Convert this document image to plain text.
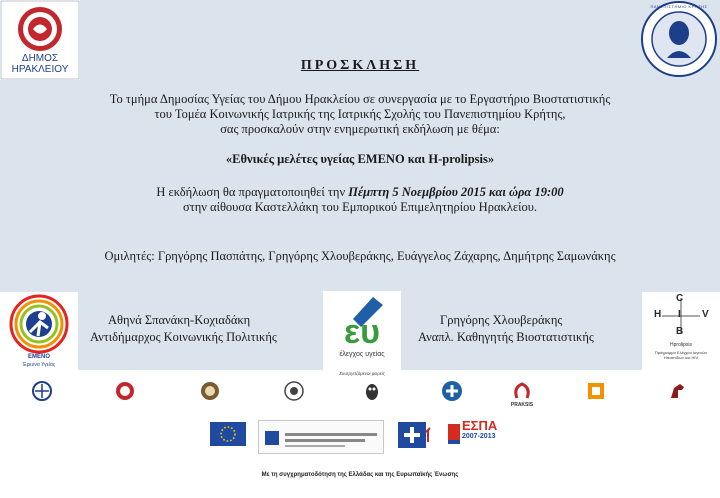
ΔΗΜΟΣ
ΗΡΑΚΛΕΙΟΥ
ΠΑΝΕΠΙΣΤΗΜΙΟ ΚΡΗΤΗΣ
ΠΡΟΣΚΛΗΣΗ
Το τμήμα Δημοσίας Υγείας του Δήμου Ηρακλείου σε συνεργασία με το Εργαστήριο Βιοστατιστικής
του Τομέα Κοινωνικής Ιατρικής της Ιατρικής Σχολής του Πανεπιστημίου Κρήτης,
σας προσκαλούν στην ενημερωτική εκδήλωση με θέμα:
«Εθνικές μελέτες υγείας ΕΜΕΝΟ και H-prolipsis»
Η εκδήλωση θα πραγματοποιηθεί την Πέμπτη 5 Νοεμβρίου 2015 και ώρα 19:00
στην αίθουσα Καστελλάκη του Εμπορικού Επιμελητηρίου Ηρακλείου.
Ομιλητές: Γρηγόρης Πασπάτης, Γρηγόρης Χλουβεράκης, Ευάγγελος Ζάχαρης, Δημήτρης Σαμωνάκης
EMENO
Έρευνα Υγείας
Αθηνά Σπανάκη-Κοχιαδάκη
Αντιδήμαρχος Κοινωνικής Πολιτικής
Γρηγόρης Χλουβεράκης
Αναπλ. Καθηγητής Βιοστατιστικής
ευ
έλεγχος υγείας
Συνεργαζόμενοι φορείς
C
H I V
B
Hprolipsis
Πρόγραμμα Ελέγχου Ιογενών Ηπατιτίδων και HIV
PRAKSIS
ΕΣΠΑ
2007-2013
Με τη συγχρηματοδότηση της Ελλάδας και της Ευρωπαϊκής Ένωσης
